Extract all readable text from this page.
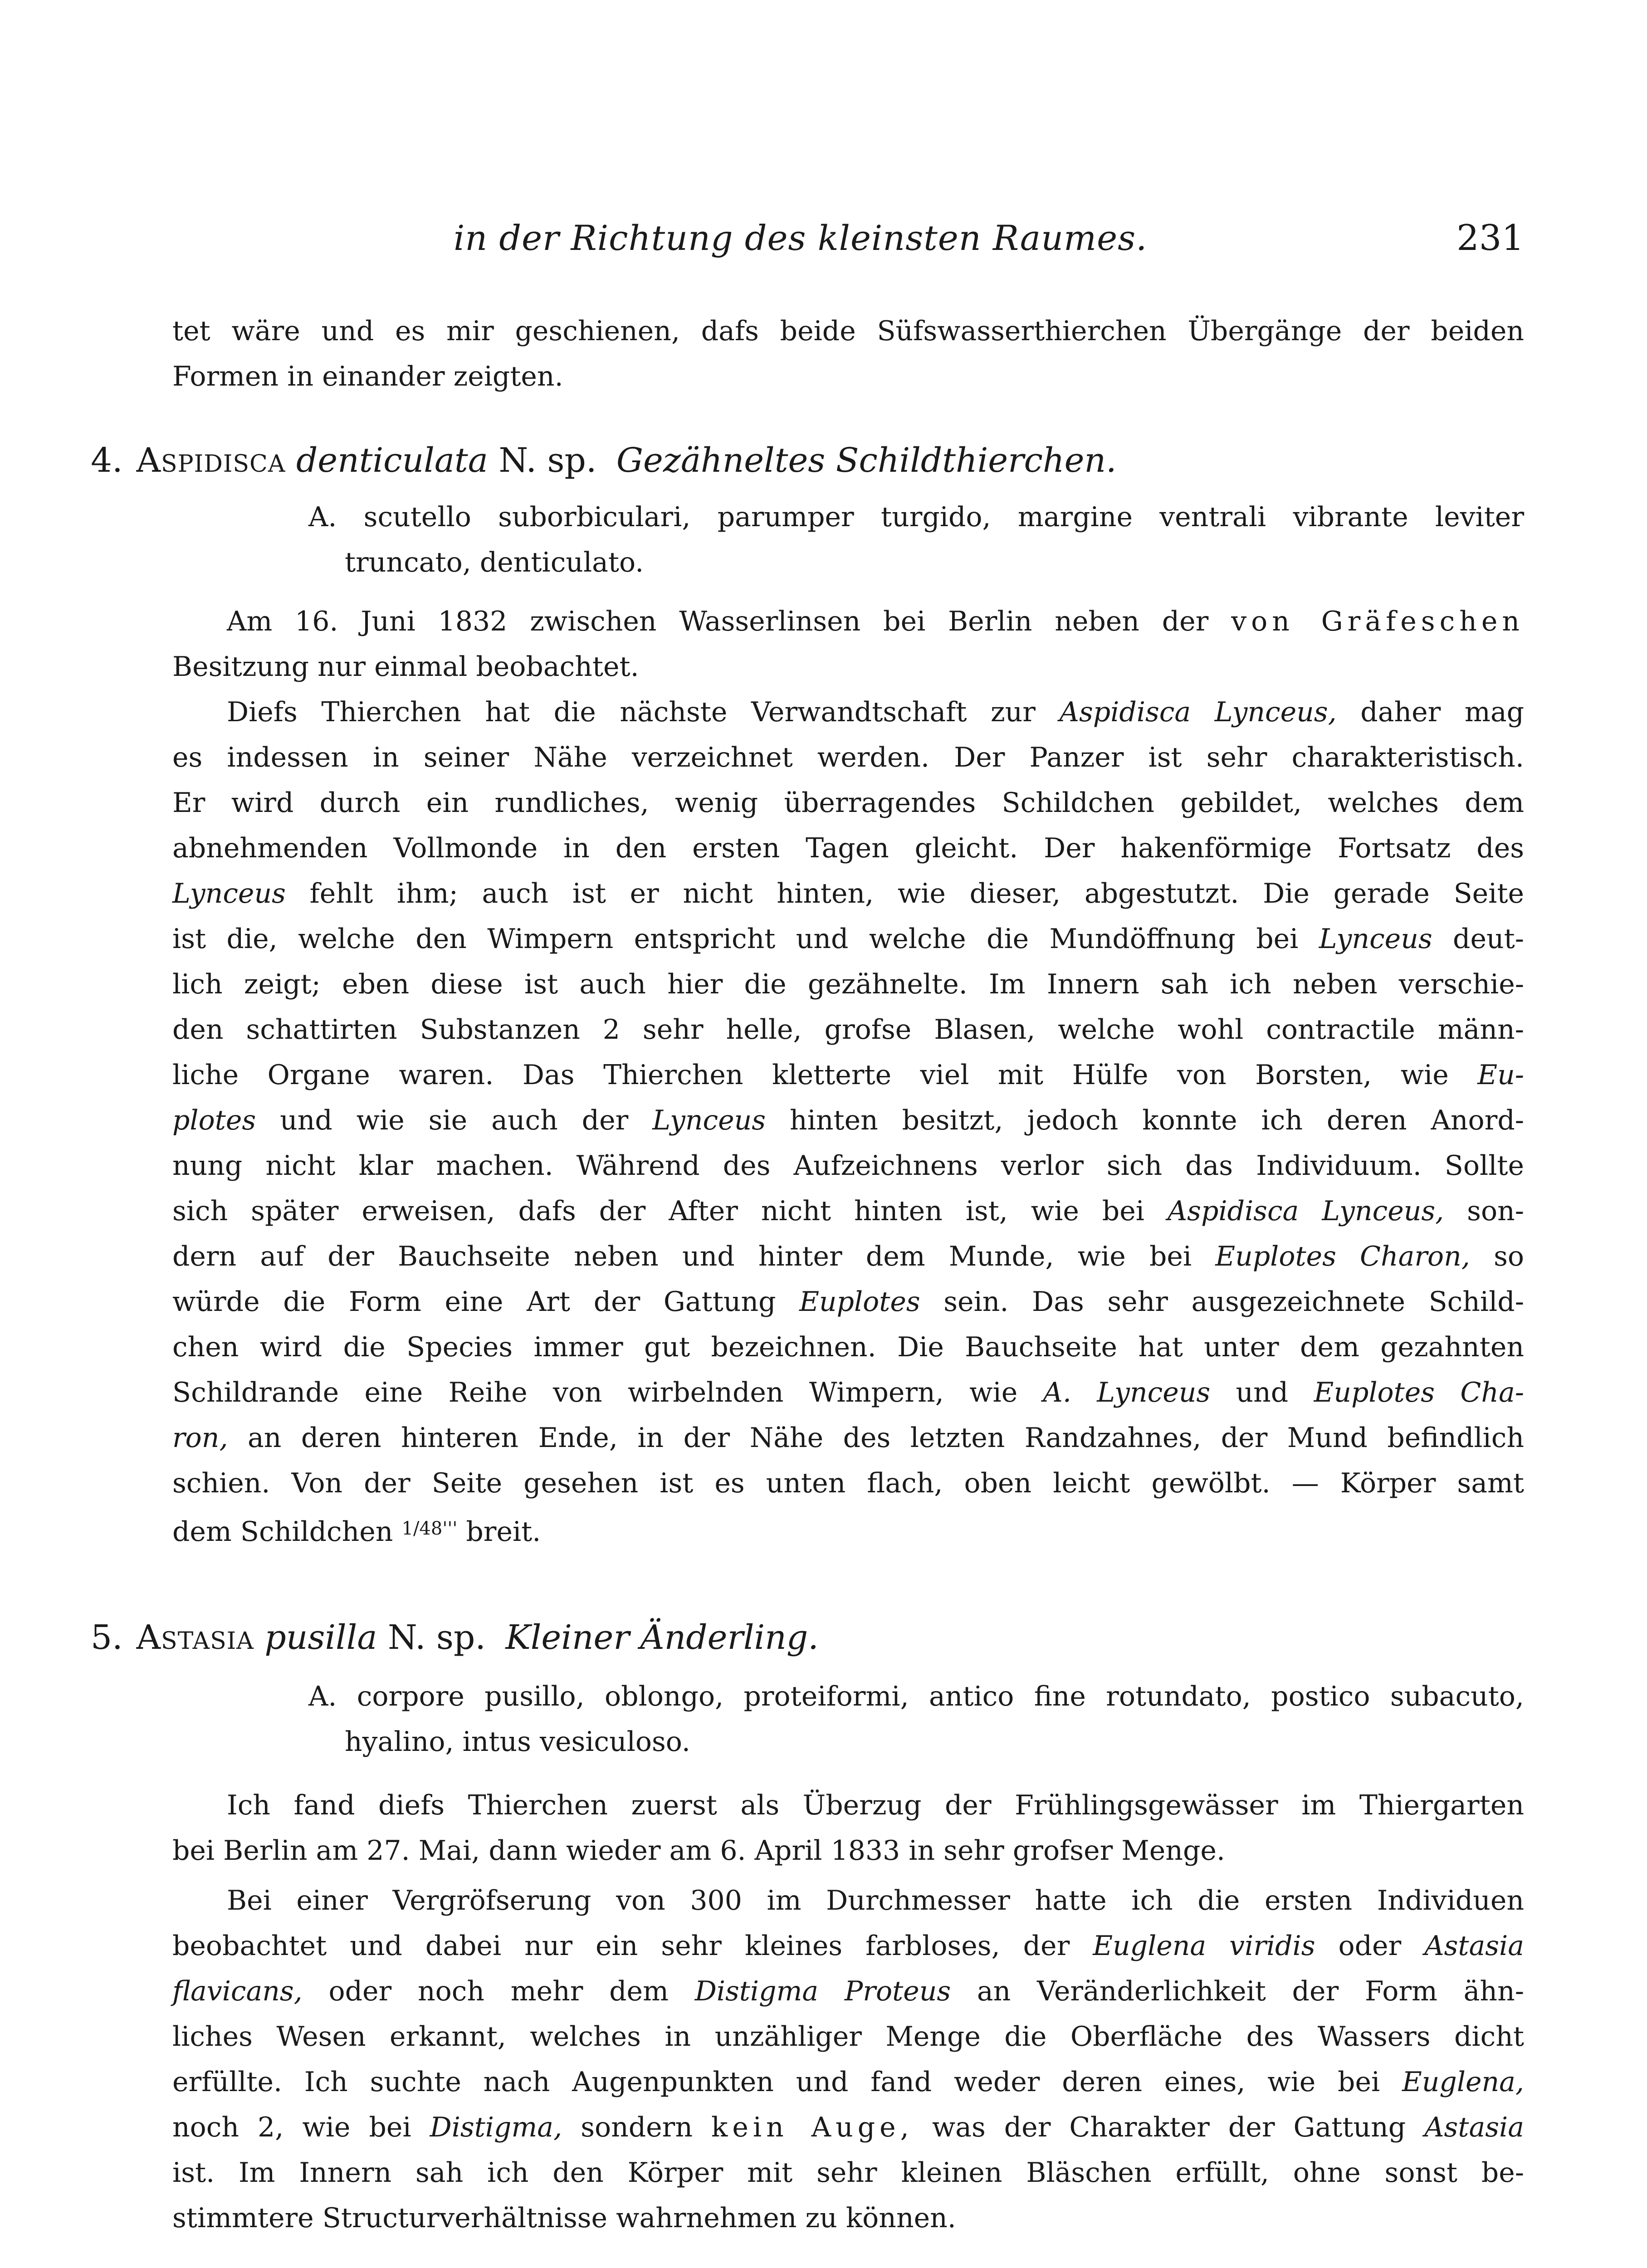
in der Richtung des kleinsten Raumes.	231
tet wäre und es mir geschienen, dafs beide Süfswasserthierchen Übergänge der beiden
Formen in einander zeigten.
4. Aspidisca denticulata N. sp. Gezähneltes Schildthierchen.
A. scutello suborbiculari, parumper turgido, margine ventrali vibrante leviter
truncato, denticulato.
Am 16. Juni 1832 zwischen Wasserlinsen bei Berlin neben der von Gräfeschen
Besitzung nur einmal beobachtet.
Diefs Thierchen hat die nächste Verwandtschaft zur Aspidisca Lynceus, daher mag
es indessen in seiner Nähe verzeichnet werden. Der Panzer ist sehr charakteristisch.
Er wird durch ein rundliches, wenig überragendes Schildchen gebildet, welches dem
abnehmenden Vollmonde in den ersten Tagen gleicht. Der hakenförmige Fortsatz des
Lynceus fehlt ihm; auch ist er nicht hinten, wie dieser, abgestutzt. Die gerade Seite
ist die, welche den Wimpern entspricht und welche die Mundöffnung bei Lynceus deut-
lich zeigt; eben diese ist auch hier die gezähnelte. Im Innern sah ich neben verschie-
den schattirten Substanzen 2 sehr helle, grofse Blasen, welche wohl contractile männ-
liche Organe waren. Das Thierchen kletterte viel mit Hülfe von Borsten, wie Eu-
plotes und wie sie auch der Lynceus hinten besitzt, jedoch konnte ich deren Anord-
nung nicht klar machen. Während des Aufzeichnens verlor sich das Individuum. Sollte
sich später erweisen, dafs der After nicht hinten ist, wie bei Aspidisca Lynceus, son-
dern auf der Bauchseite neben und hinter dem Munde, wie bei Euplotes Charon, so
würde die Form eine Art der Gattung Euplotes sein. Das sehr ausgezeichnete Schild-
chen wird die Species immer gut bezeichnen. Die Bauchseite hat unter dem gezahnten
Schildrande eine Reihe von wirbelnden Wimpern, wie A. Lynceus und Euplotes Cha-
ron, an deren hinteren Ende, in der Nähe des letzten Randzahnes, der Mund befindlich
schien. Von der Seite gesehen ist es unten flach, oben leicht gewölbt. — Körper samt
dem Schildchen $^{1/48'''}$ breit.
5. Astasia pusilla N. sp. Kleiner Änderling.
A. corpore pusillo, oblongo, proteiformi, antico fine rotundato, postico subacuto,
hyalino, intus vesiculoso.
Ich fand diefs Thierchen zuerst als Überzug der Frühlingsgewässer im Thiergarten
bei Berlin am 27. Mai, dann wieder am 6. April 1833 in sehr grofser Menge.
Bei einer Vergröfserung von 300 im Durchmesser hatte ich die ersten Individuen
beobachtet und dabei nur ein sehr kleines farbloses, der Euglena viridis oder Astasia
flavicans, oder noch mehr dem Distigma Proteus an Veränderlichkeit der Form ähn-
liches Wesen erkannt, welches in unzähliger Menge die Oberfläche des Wassers dicht
erfüllte. Ich suchte nach Augenpunkten und fand weder deren eines, wie bei Euglena,
noch 2, wie bei Distigma, sondern kein Auge, was der Charakter der Gattung Astasia
ist. Im Innern sah ich den Körper mit sehr kleinen Bläschen erfüllt, ohne sonst be-
stimmtere Structurverhältnisse wahrnehmen zu können.
